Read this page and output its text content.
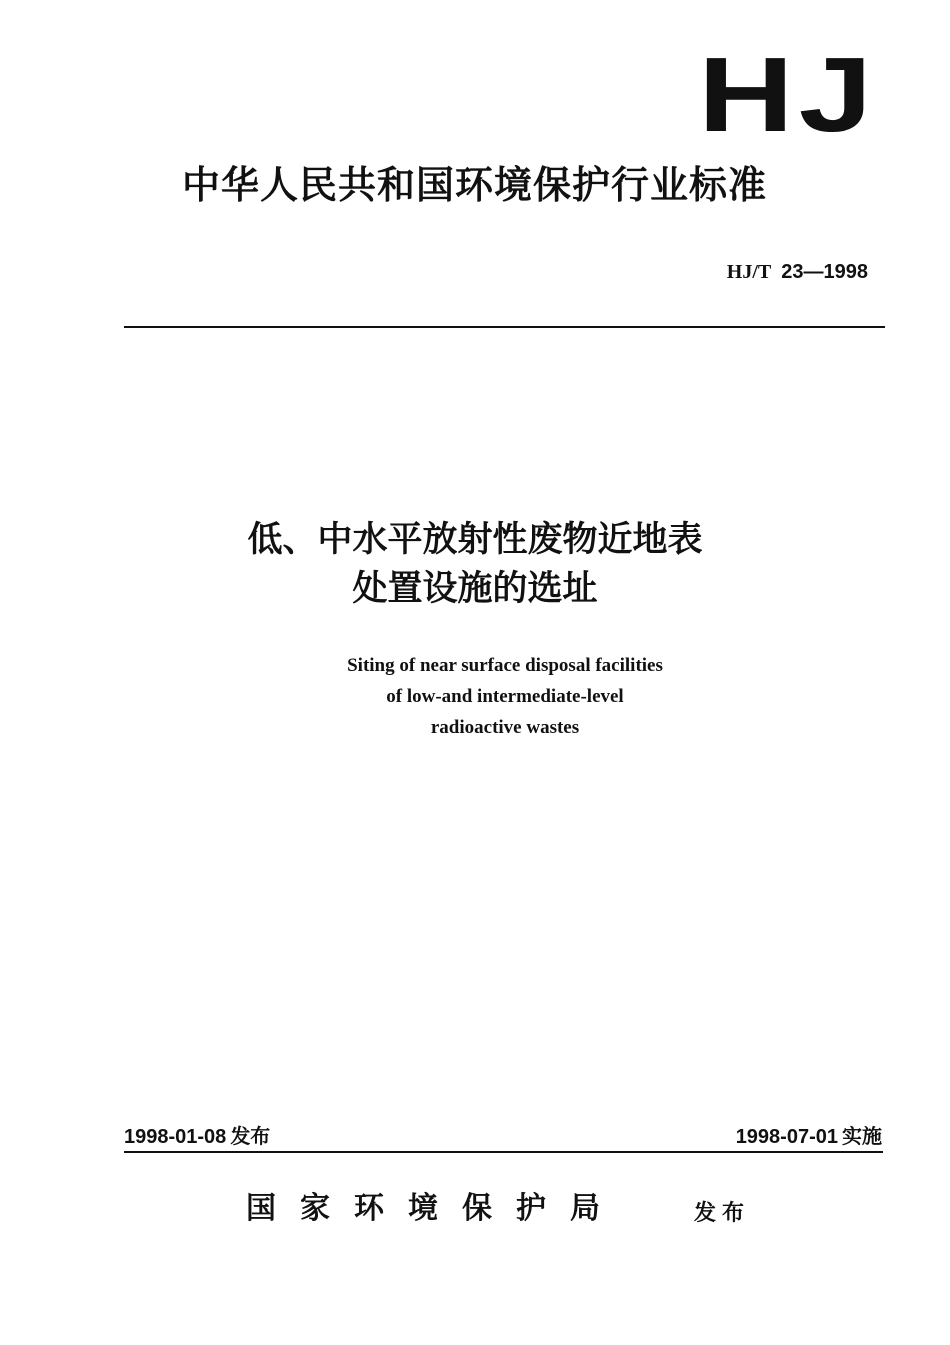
HJ
中华人民共和国环境保护行业标准
HJ/T 23—1998
低、中水平放射性废物近地表
处置设施的选址
Siting of near surface disposal facilities
of low-and intermediate-level
radioactive wastes
1998-01-08 发布	1998-07-01 实施
国家环境保护局	发布
